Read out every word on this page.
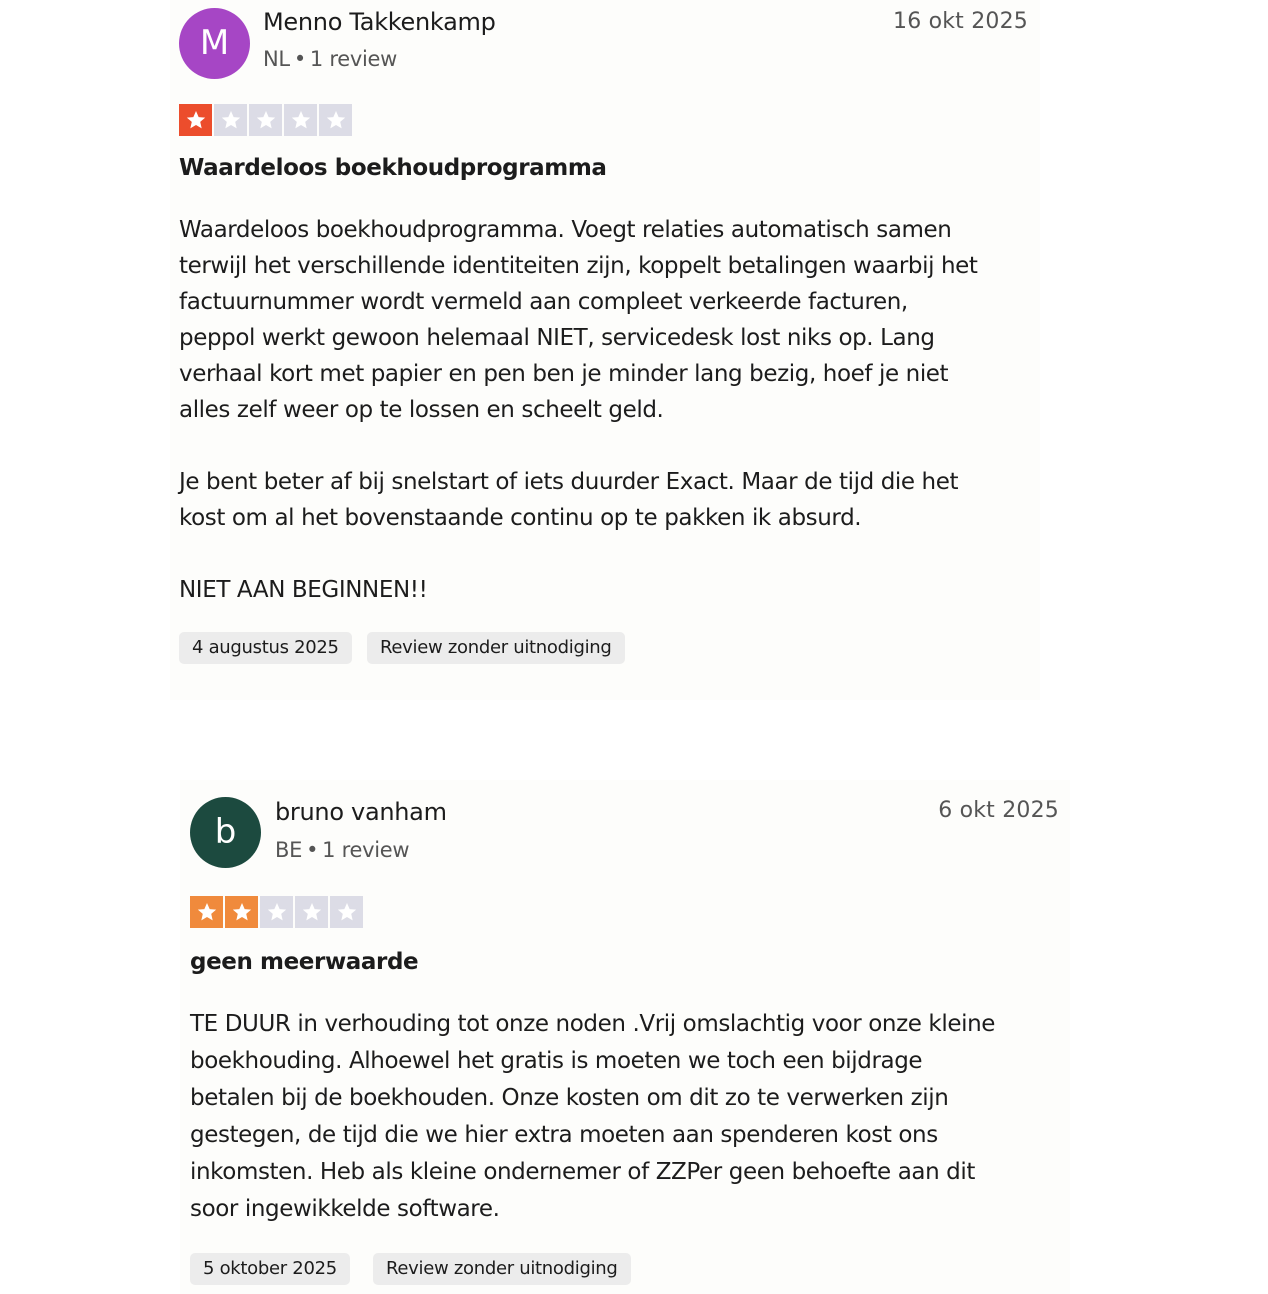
M
Menno Takkenkamp
NL • 1 review
16 okt 2025
Waardeloos boekhoudprogramma

Waardeloos boekhoudprogramma. Voegt relaties automatisch samen
terwijl het verschillende identiteiten zijn, koppelt betalingen waarbij het
factuurnummer wordt vermeld aan compleet verkeerde facturen,
peppol werkt gewoon helemaal NIET, servicedesk lost niks op. Lang
verhaal kort met papier en pen ben je minder lang bezig, hoef je niet
alles zelf weer op te lossen en scheelt geld.

Je bent beter af bij snelstart of iets duurder Exact. Maar de tijd die het
kost om al het bovenstaande continu op te pakken ik absurd.

NIET AAN BEGINNEN!!

4 augustus 2025	Review zonder uitnodiging
b	bruno vanham
BE • 1 review
6 okt 2025
geen meerwaarde

TE DUUR in verhouding tot onze noden .Vrij omslachtig voor onze kleine
boekhouding. Alhoewel het gratis is moeten we toch een bijdrage
betalen bij de boekhouden. Onze kosten om dit zo te verwerken zijn
gestegen, de tijd die we hier extra moeten aan spenderen kost ons
inkomsten. Heb als kleine ondernemer of ZZPer geen behoefte aan dit
soor ingewikkelde software.

5 oktober 2025	Review zonder uitnodiging
